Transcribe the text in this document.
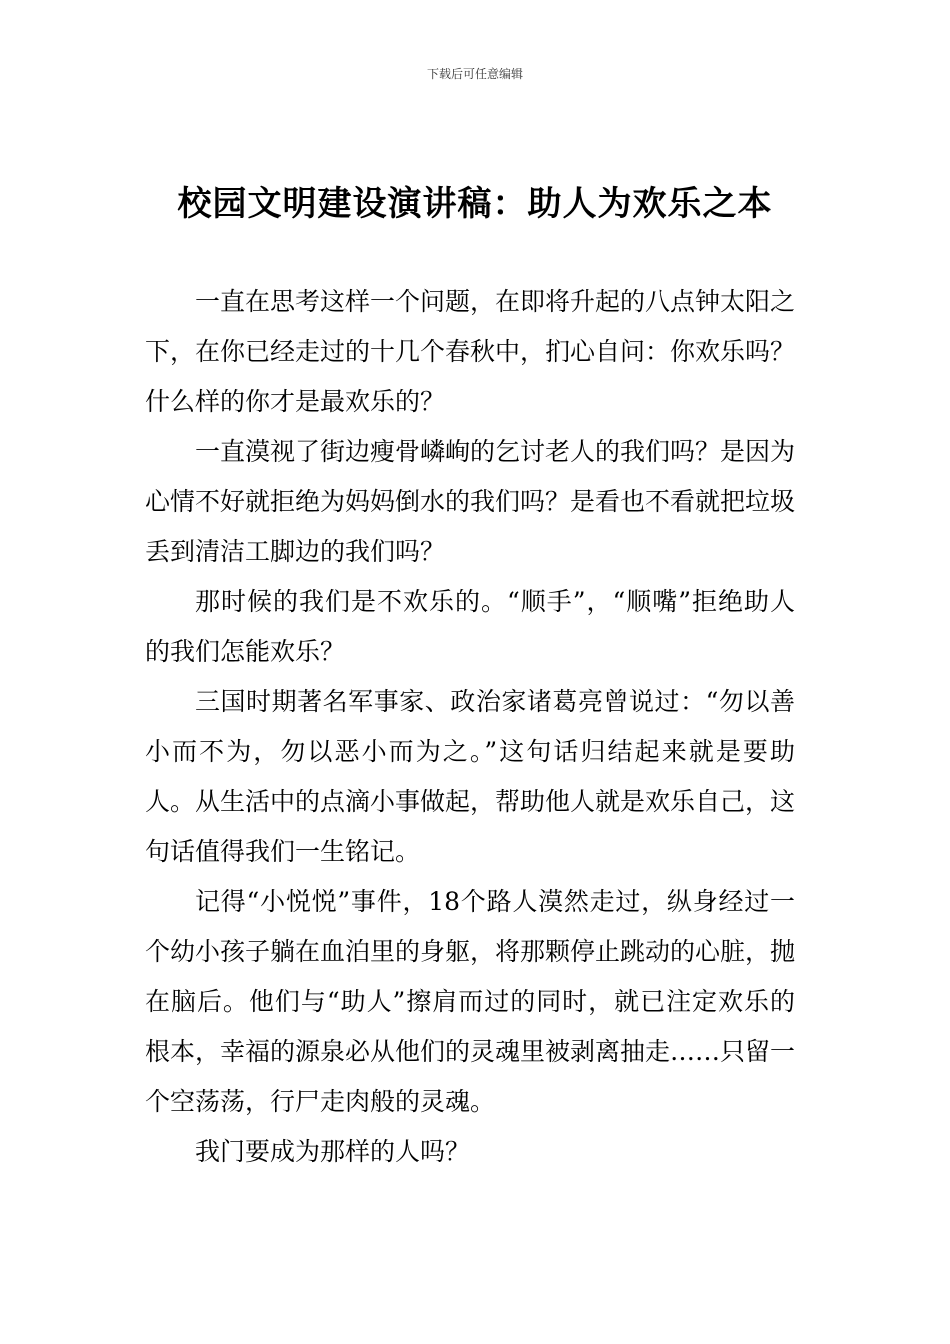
下载后可任意编辑
校园文明建设演讲稿：助人为欢乐之本

一直在思考这样一个问题，在即将升起的八点钟太阳之下，在你已经走过的十几个春秋中，扪心自问：你欢乐吗？什么样的你才是最欢乐的？

一直漠视了街边瘦骨嶙峋的乞讨老人的我们吗？是因为心情不好就拒绝为妈妈倒水的我们吗？是看也不看就把垃圾丢到清洁工脚边的我们吗？

那时候的我们是不欢乐的。“顺手”，“顺嘴”拒绝助人的我们怎能欢乐？

三国时期著名军事家、政治家诸葛亮曾说过：“勿以善小而不为，勿以恶小而为之。”这句话归结起来就是要助人。从生活中的点滴小事做起，帮助他人就是欢乐自己，这句话值得我们一生铭记。

记得“小悦悦”事件，18个路人漠然走过，纵身经过一个幼小孩子躺在血泊里的身躯，将那颗停止跳动的心脏，抛在脑后。他们与“助人”擦肩而过的同时，就已注定欢乐的根本，幸福的源泉必从他们的灵魂里被剥离抽走……只留一个空荡荡，行尸走肉般的灵魂。

我门要成为那样的人吗？
